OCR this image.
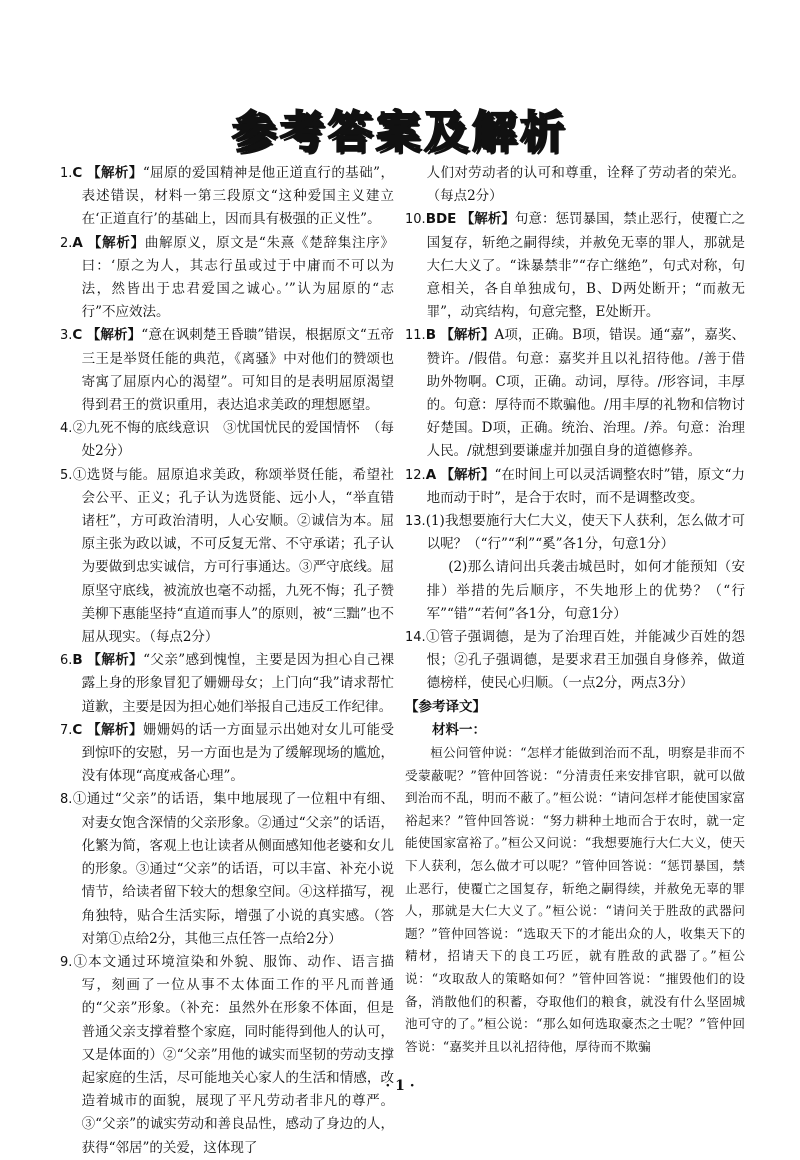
参考答案及解析

1.C 【解析】“屈原的爱国精神是他正道直行的基础”，表述错误，材料一第三段原文“这种爱国主义建立在‘正道直行’的基础上，因而具有极强的正义性”。

2.A 【解析】曲解原义，原文是“朱熹《楚辞集注序》曰：‘原之为人，其志行虽或过于中庸而不可以为法，然皆出于忠君爱国之诚心。’”认为屈原的“志行”不应效法。

3.C 【解析】“意在讽刺楚王昏聩”错误，根据原文“五帝三王是举贤任能的典范，《离骚》中对他们的赞颂也寄寓了屈原内心的渴望”。可知目的是表明屈原渴望得到君王的赏识重用，表达追求美政的理想愿望。

4.②九死不悔的底线意识　③忧国忧民的爱国情怀　（每处2分）

5.①选贤与能。屈原追求美政，称颂举贤任能，希望社会公平、正义；孔子认为选贤能、远小人，“举直错诸枉”，方可政治清明，人心安顺。②诚信为本。屈原主张为政以诚，不可反复无常、不守承诺；孔子认为要做到忠实诚信，方可行事通达。③严守底线。屈原坚守底线，被流放也毫不动摇，九死不悔；孔子赞美柳下惠能坚持“直道而事人”的原则，被“三黜”也不屈从现实。（每点2分）

6.B 【解析】“父亲”感到愧惶，主要是因为担心自己裸露上身的形象冒犯了姗姗母女；上门向“我”请求帮忙道歉，主要是因为担心她们举报自己违反工作纪律。

7.C 【解析】姗姗妈的话一方面显示出她对女儿可能受到惊吓的安慰，另一方面也是为了缓解现场的尴尬，没有体现“高度戒备心理”。

8.①通过“父亲”的话语，集中地展现了一位粗中有细、对妻女饱含深情的父亲形象。②通过“父亲”的话语，化繁为简，客观上也让读者从侧面感知他老婆和女儿的形象。③通过“父亲”的话语，可以丰富、补充小说情节，给读者留下较大的想象空间。④这样描写，视角独特，贴合生活实际，增强了小说的真实感。（答对第①点给2分，其他三点任答一点给2分）

9.①本文通过环境渲染和外貌、服饰、动作、语言描写，刻画了一位从事不太体面工作的平凡而普通的“父亲”形象。（补充：虽然外在形象不体面，但是普通父亲支撑着整个家庭，同时能得到他人的认可，又是体面的）②“父亲”用他的诚实而坚韧的劳动支撑起家庭的生活，尽可能地关心家人的生活和情感，改造着城市的面貌，展现了平凡劳动者非凡的尊严。③“父亲”的诚实劳动和善良品性，感动了身边的人，获得“邻居”的关爱，这体现了

人们对劳动者的认可和尊重，诠释了劳动者的荣光。（每点2分）

10.BDE 【解析】句意：惩罚暴国，禁止恶行，使覆亡之国复存，斩绝之嗣得续，并赦免无辜的罪人，那就是大仁大义了。“诛暴禁非”“存亡继绝”，句式对称，句意相关，各自单独成句，B、D两处断开；“而赦无罪”，动宾结构，句意完整，E处断开。

11.B 【解析】A项，正确。B项，错误。通“嘉”，嘉奖、赞许。/假借。句意：嘉奖并且以礼招待他。/善于借助外物啊。C项，正确。动词，厚待。/形容词，丰厚的。句意：厚待而不欺骗他。/用丰厚的礼物和信物讨好楚国。D项，正确。统治、治理。/养。句意：治理人民。/就想到要谦虚并加强自身的道德修养。

12.A 【解析】“在时间上可以灵活调整农时”错，原文“力地而动于时”，是合于农时，而不是调整改变。

13.(1)我想要施行大仁大义，使天下人获利，怎么做才可以呢？（“行”“利”“奚”各1分，句意1分）

(2)那么请问出兵袭击城邑时，如何才能预知（安排）举措的先后顺序，不失地形上的优势？（“行军”“错”“若何”各1分，句意1分）

14.①管子强调德，是为了治理百姓，并能减少百姓的怨恨；②孔子强调德，是要求君王加强自身修养，做道德榜样，使民心归顺。（一点2分，两点3分）

【参考译文】

材料一：

桓公问管仲说：“怎样才能做到治而不乱，明察是非而不受蒙蔽呢？”管仲回答说：“分清责任来安排官职，就可以做到治而不乱，明而不蔽了。”桓公说：“请问怎样才能使国家富裕起来？”管仲回答说：“努力耕种土地而合于农时，就一定能使国家富裕了。”桓公又问说：“我想要施行大仁大义，使天下人获利，怎么做才可以呢？”管仲回答说：“惩罚暴国，禁止恶行，使覆亡之国复存，斩绝之嗣得续，并赦免无辜的罪人，那就是大仁大义了。”桓公说：“请问关于胜敌的武器问题？”管仲回答说：“选取天下的才能出众的人，收集天下的精材，招请天下的良工巧匠，就有胜敌的武器了。”桓公说：“攻取敌人的策略如何？”管仲回答说：“摧毁他们的设备，消散他们的积蓄，夺取他们的粮食，就没有什么坚固城池可守的了。”桓公说：“那么如何选取豪杰之士呢？”管仲回答说：“嘉奖并且以礼招待他，厚待而不欺骗

· 1 ·
